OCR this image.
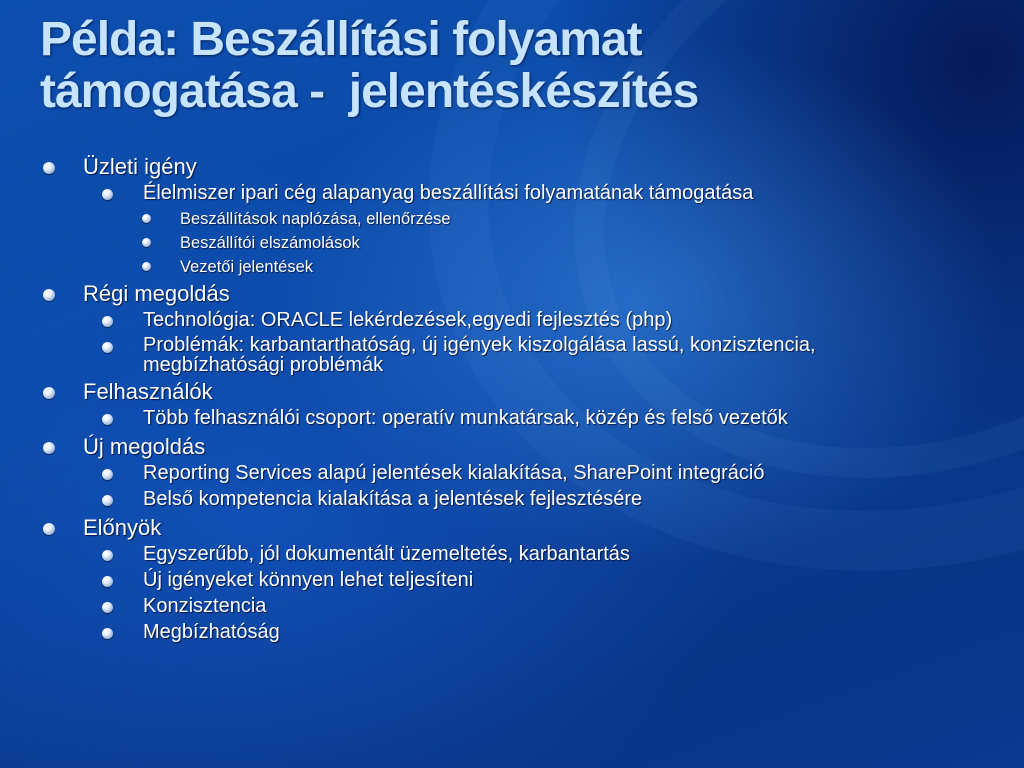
Példa: Beszállítási folyamat
támogatása -  jelentéskészítés
Üzleti igény
Élelmiszer ipari cég alapanyag beszállítási folyamatának támogatása
Beszállítások naplózása, ellenőrzése
Beszállítói elszámolások
Vezetői jelentések
Régi megoldás
Technológia: ORACLE lekérdezések,egyedi fejlesztés (php)
Problémák: karbantarthatóság, új igények kiszolgálása lassú, konzisztencia, megbízhatósági problémák
Felhasználók
Több felhasználói csoport: operatív munkatársak, közép és felső vezetők
Új megoldás
Reporting Services alapú jelentések kialakítása, SharePoint integráció
Belső kompetencia kialakítása a jelentések fejlesztésére
Előnyök
Egyszerűbb, jól dokumentált üzemeltetés, karbantartás
Új igényeket könnyen lehet teljesíteni
Konzisztencia
Megbízhatóság
